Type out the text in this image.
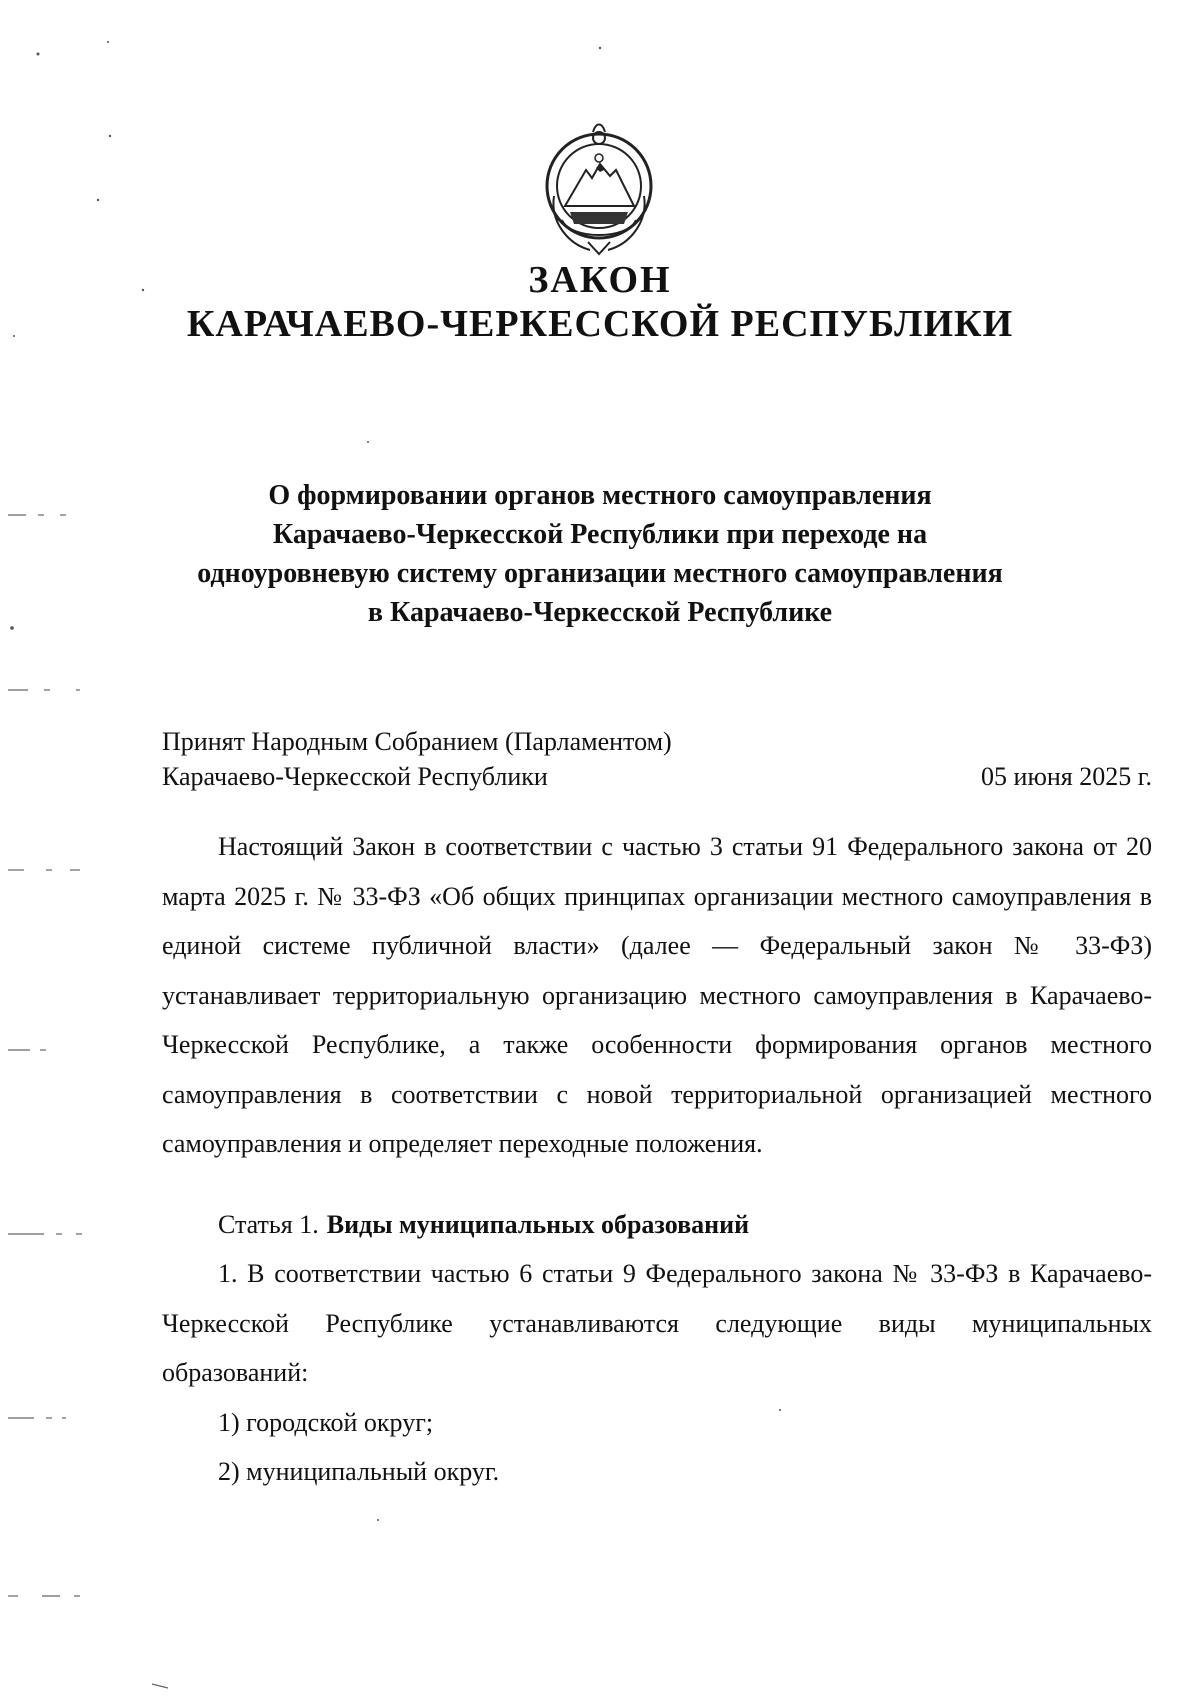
ЗАКОН
КАРАЧАЕВО-ЧЕРКЕССКОЙ РЕСПУБЛИКИ
О формировании органов местного самоуправления
Карачаево-Черкесской Республики при переходе на
одноуровневую систему организации местного самоуправления
в Карачаево-Черкесской Республике
Принят Народным Собранием (Парламентом)
Карачаево-Черкесской Республики	05 июня 2025 г.

Настоящий Закон в соответствии с частью 3 статьи 91 Федерального закона от 20 марта 2025 г. № 33-ФЗ «Об общих принципах организации местного самоуправления в единой системе публичной власти» (далее — Федеральный закон № 33-ФЗ) устанавливает территориальную организацию местного самоуправления в Карачаево-Черкесской Республике, а также особенности формирования органов местного самоуправления в соответствии с новой территориальной организацией местного самоуправления и определяет переходные положения.

Статья 1. Виды муниципальных образований

1. В соответствии частью 6 статьи 9 Федерального закона № 33-ФЗ в Карачаево-Черкесской Республике устанавливаются следующие виды муниципальных образований:

1) городской округ;

2) муниципальный округ.
